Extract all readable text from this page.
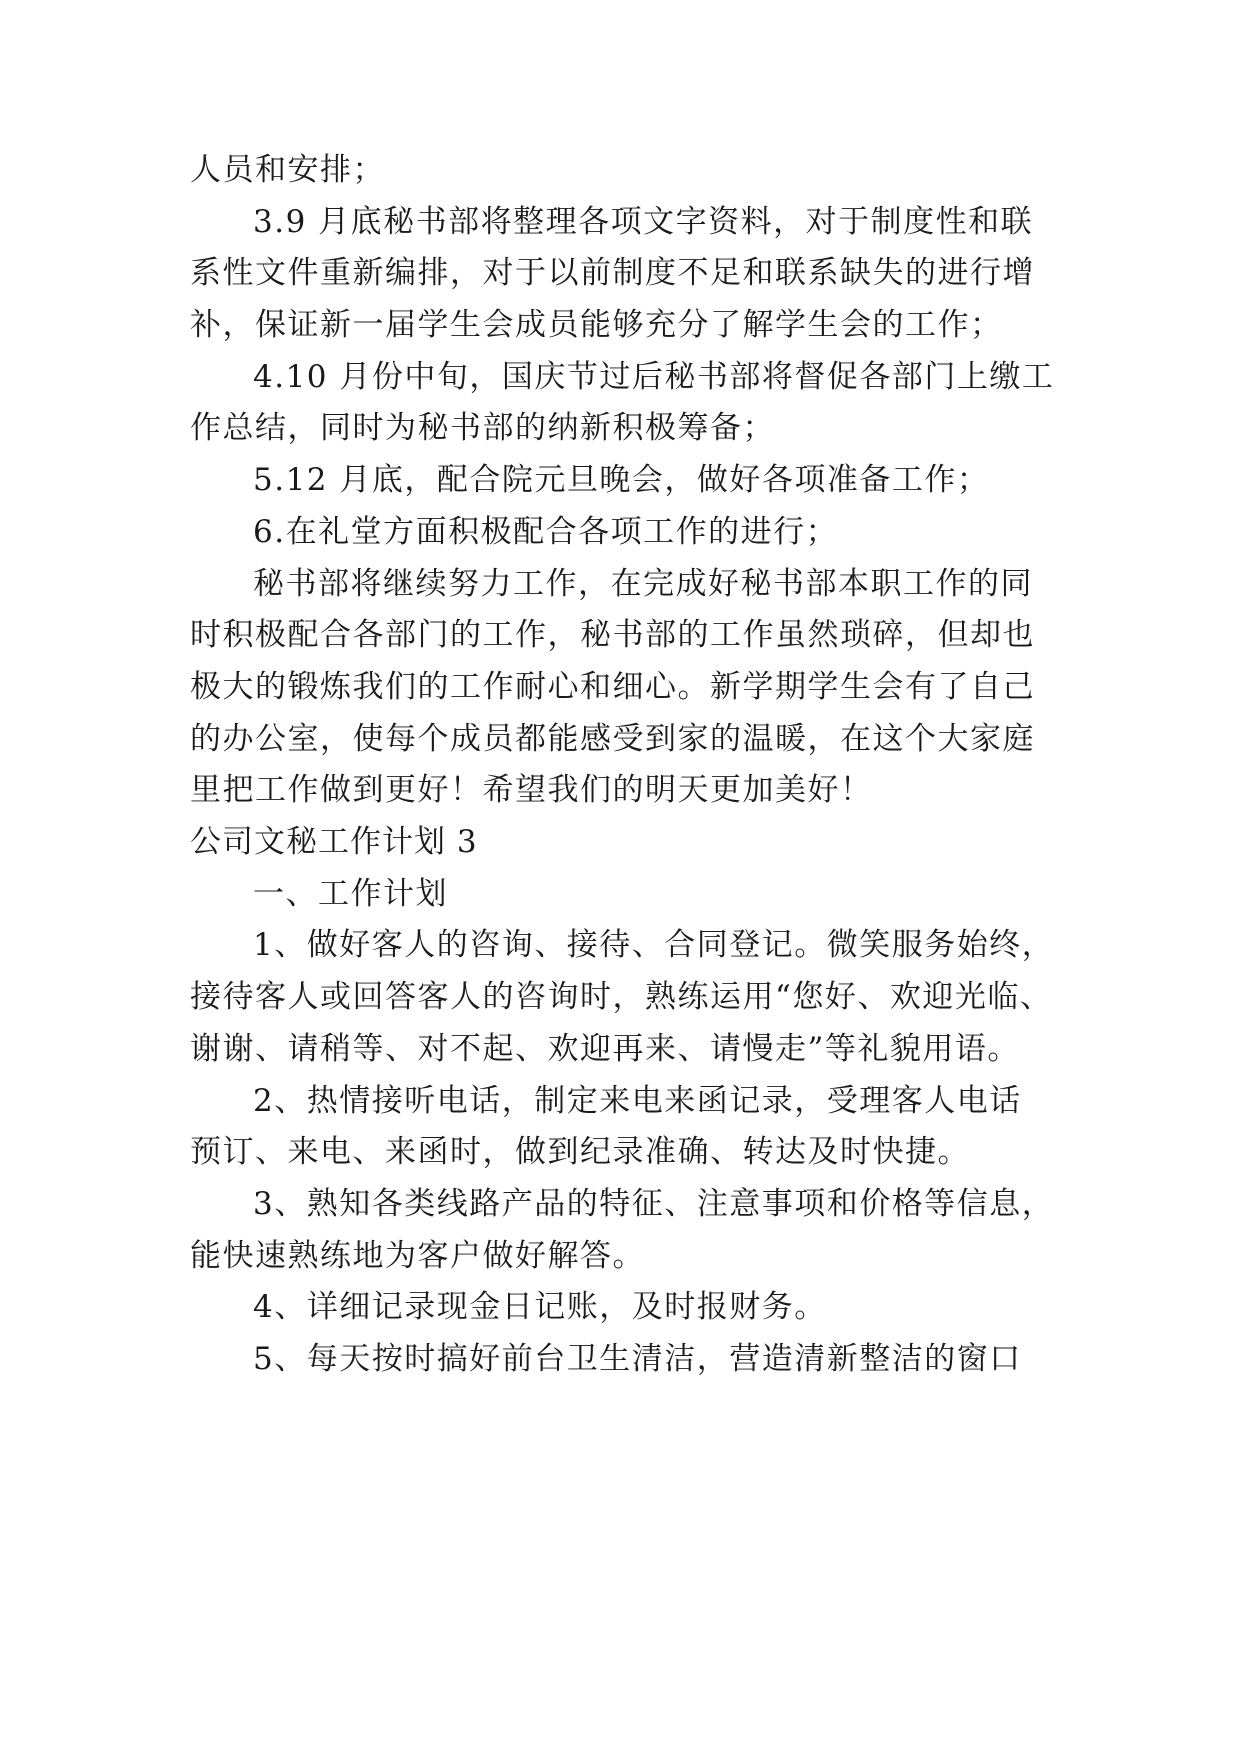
人员和安排；
3.9 月底秘书部将整理各项文字资料，对于制度性和联
系性文件重新编排，对于以前制度不足和联系缺失的进行增
补，保证新一届学生会成员能够充分了解学生会的工作；
4.10 月份中旬，国庆节过后秘书部将督促各部门上缴工
作总结，同时为秘书部的纳新积极筹备；
5.12 月底，配合院元旦晚会，做好各项准备工作；
6.在礼堂方面积极配合各项工作的进行；
秘书部将继续努力工作，在完成好秘书部本职工作的同
时积极配合各部门的工作，秘书部的工作虽然琐碎，但却也
极大的锻炼我们的工作耐心和细心。新学期学生会有了自己
的办公室，使每个成员都能感受到家的温暖，在这个大家庭
里把工作做到更好！希望我们的明天更加美好！
公司文秘工作计划 3
一、工作计划
1、做好客人的咨询、接待、合同登记。微笑服务始终，
接待客人或回答客人的咨询时，熟练运用“您好、欢迎光临、
谢谢、请稍等、对不起、欢迎再来、请慢走”等礼貌用语。
2、热情接听电话，制定来电来函记录，受理客人电话
预订、来电、来函时，做到纪录准确、转达及时快捷。
3、熟知各类线路产品的特征、注意事项和价格等信息，
能快速熟练地为客户做好解答。
4、详细记录现金日记账，及时报财务。
5、每天按时搞好前台卫生清洁，营造清新整洁的窗口
